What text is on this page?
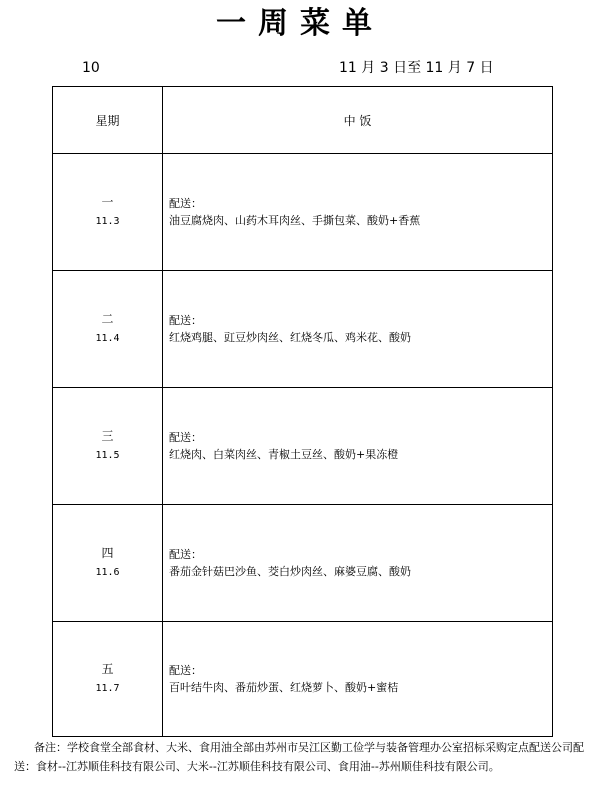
一周菜单
10	11 月 3 日至 11 月 7 日
星期	中 饭

一
11.3	配送：
油豆腐烧肉、山药木耳肉丝、手撕包菜、酸奶+香蕉

二
11.4	配送：
红烧鸡腿、豇豆炒肉丝、红烧冬瓜、鸡米花、酸奶

三
11.5	配送：
红烧肉、白菜肉丝、青椒土豆丝、酸奶+果冻橙

四
11.6	配送：
番茄金针菇巴沙鱼、茭白炒肉丝、麻婆豆腐、酸奶

五
11.7	配送：
百叶结牛肉、番茄炒蛋、红烧萝卜、酸奶+蜜桔
备注：学校食堂全部食材、大米、食用油全部由苏州市吴江区勤工俭学与装备管理办公室招标采购定点配送公司配送：食材--江苏顺佳科技有限公司、大米--江苏顺佳科技有限公司、食用油--苏州顺佳科技有限公司。
